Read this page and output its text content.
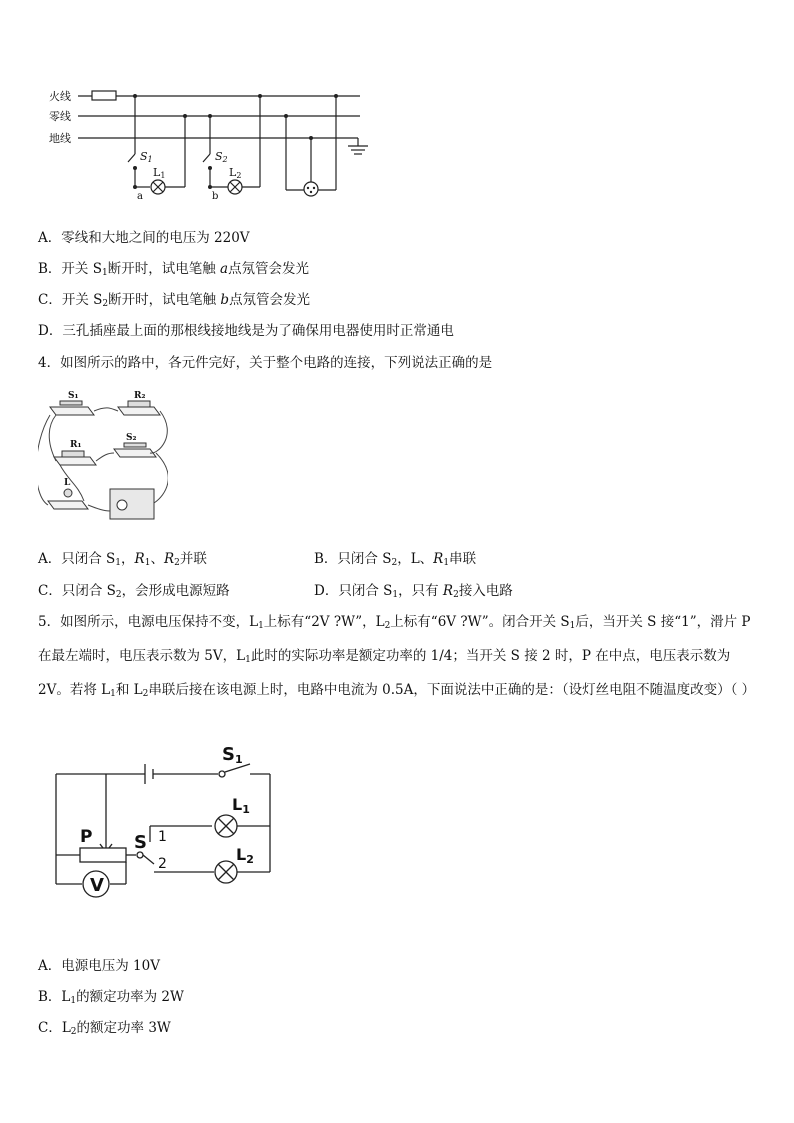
火线
零线
地线
S1
L1
a
S2
L2
b
A．零线和大地之间的电压为 220V
B．开关 $S_1$断开时，试电笔触 a点氖管会发光
C．开关 $S_2$断开时，试电笔触 b点氖管会发光
D．三孔插座最上面的那根线接地线是为了确保用电器使用时正常通电
4．如图所示的路中，各元件完好，关于整个电路的连接，下列说法正确的是
S₁	R₂
R₁
S₂
L
A．只闭合 $S_1$，$R_1$、$R_2$并联	B．只闭合 $S_2$，L、$R_1$串联
C．只闭合 $S_2$，会形成电源短路	D．只闭合 $S_1$，只有 $R_2$接入电路
5．如图所示，电源电压保持不变，$L_1$上标有“2V ?W”，$L_2$上标有“6V ?W”。闭合开关 $S_1$后，当开关 S 接“1”，滑片 P 在最左端时，电压表示数为 5V，$L_1$此时的实际功率是额定功率的 1/4；当开关 S 接 2 时，P 在中点，电压表示数为 2V。若将 $L_1$和 $L_2$串联后接在该电源上时，电路中电流为 0.5A，下面说法中正确的是：（设灯丝电阻不随温度改变）（ ）
S1
L1
L2
P S
V
1
2
A．电源电压为 10V
B．$L_1$的额定功率为 2W
C．$L_2$的额定功率 3W
